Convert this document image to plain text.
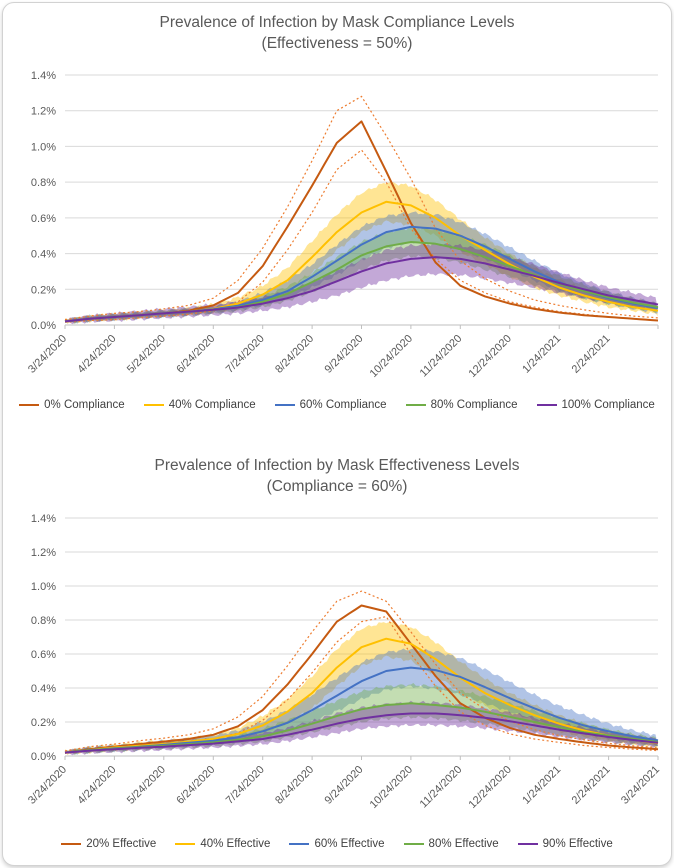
Prevalence of Infection by Mask Compliance Levels
(Effectiveness = 50%)
0.0%
0.2%
0.4%
0.6%
0.8%
1.0%
1.2%
1.4%
3/24/2020 4/24/2020 5/24/2020 6/24/2020 7/24/2020 8/24/2020 9/24/2020 10/24/2020 11/24/2020 12/24/2020 1/24/2021 2/24/2021
0% Compliance	40% Compliance	60% Compliance	80% Compliance	100% Compliance
Prevalence of Infection by Mask Effectiveness Levels
(Compliance = 60%)
0.0%
0.2%
0.4%
0.6%
0.8%
1.0%
1.2%
1.4%
3/24/2020 4/24/2020 5/24/2020 6/24/2020 7/24/2020 8/24/2020 9/24/2020 10/24/2020 11/24/2020 12/24/2020 1/24/2021 2/24/2021 3/24/2021
20% Effective	40% Effective	60% Effective	80% Effective	90% Effective
